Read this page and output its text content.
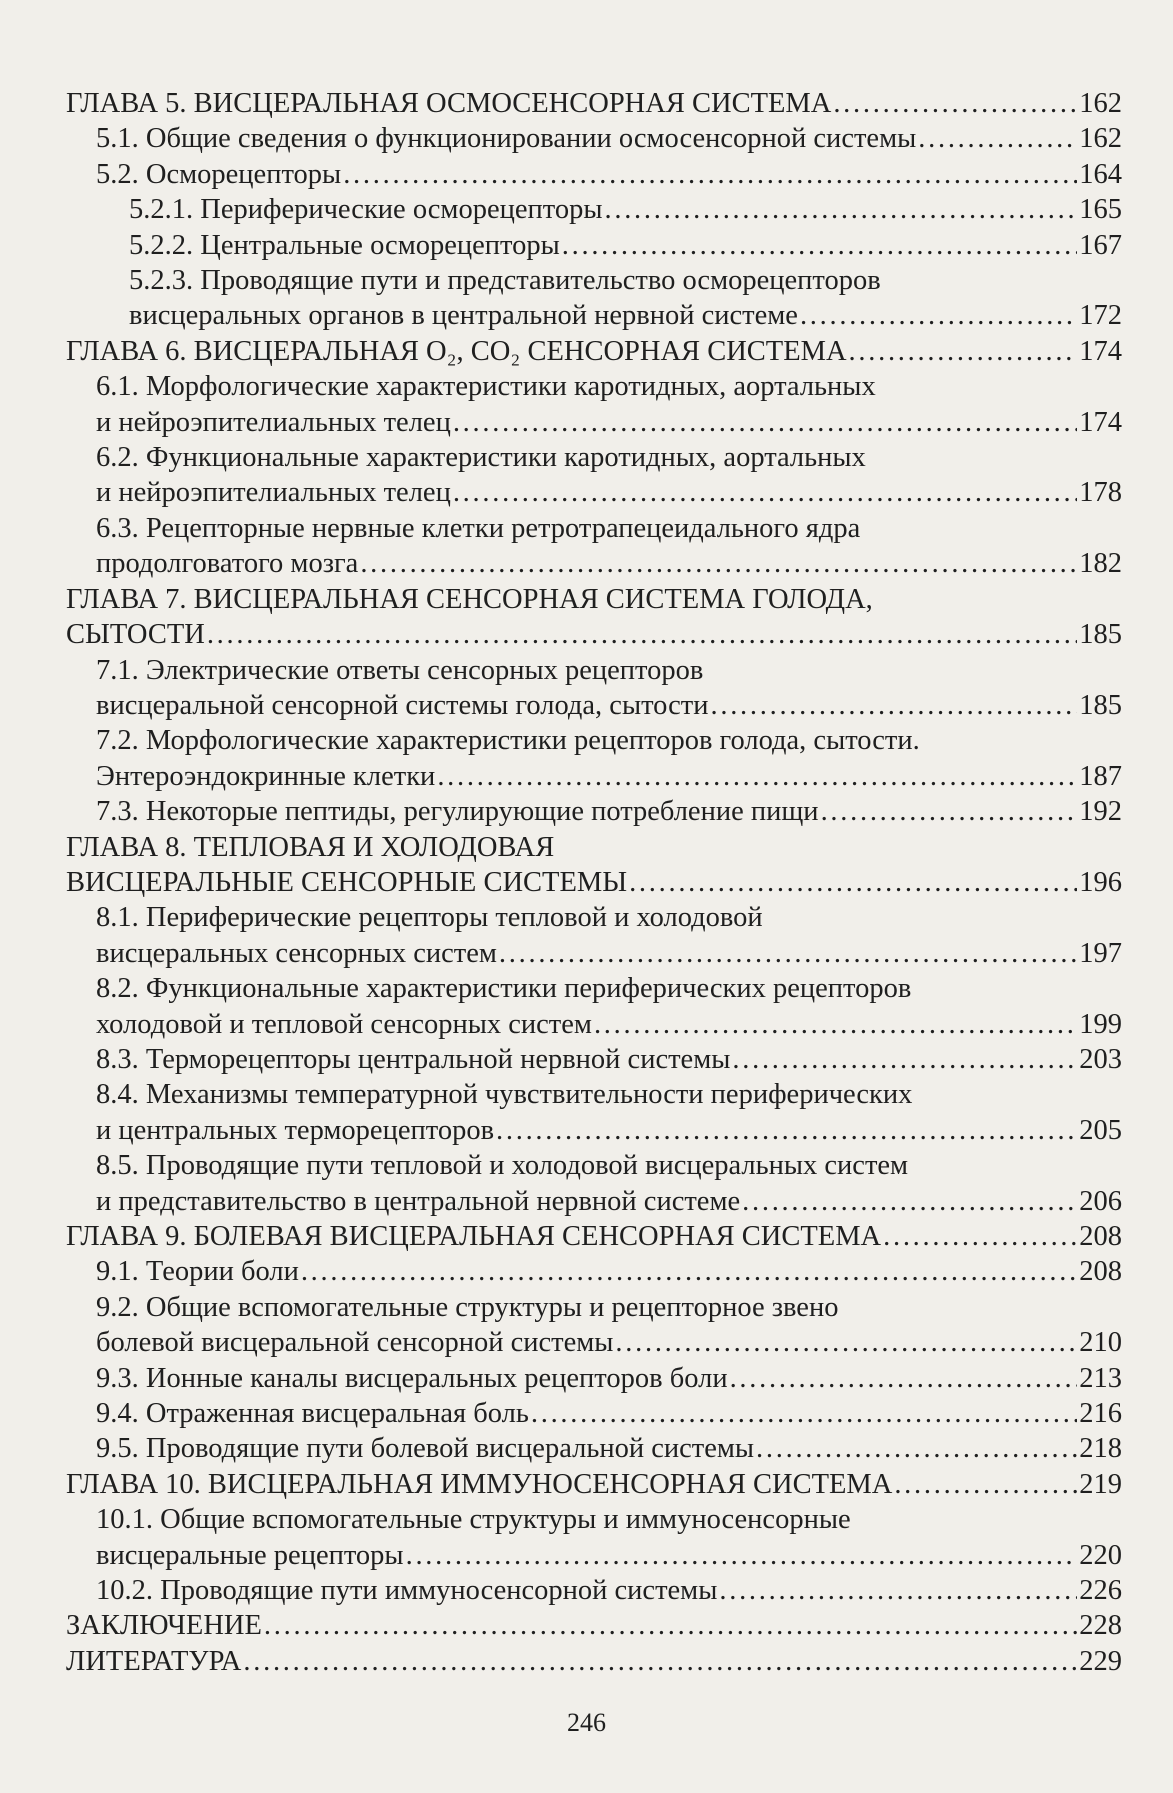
ГЛАВА 5. ВИСЦЕРАЛЬНАЯ ОСМОСЕНСОРНАЯ СИСТЕМА . . .	162
5.1. Общие сведения о функционировании осмосенсорной системы . . .	162
5.2. Осморецепторы . . .	164
5.2.1. Периферические осморецепторы . . .	165
5.2.2. Центральные осморецепторы . . .	167
5.2.3. Проводящие пути и представительство осморецепторов
висцеральных органов в центральной нервной системе . . .	172
ГЛАВА 6. ВИСЦЕРАЛЬНАЯ O₂, CO₂ СЕНСОРНАЯ СИСТЕМА . . .	174
6.1. Морфологические характеристики каротидных, аортальных
и нейроэпителиальных телец . . .	174
6.2. Функциональные характеристики каротидных, аортальных
и нейроэпителиальных телец . . .	178
6.3. Рецепторные нервные клетки ретротрапецеидального ядра
продолговатого мозга . . .	182
ГЛАВА 7. ВИСЦЕРАЛЬНАЯ СЕНСОРНАЯ СИСТЕМА ГОЛОДА,
СЫТОСТИ . . .	185
7.1. Электрические ответы сенсорных рецепторов
висцеральной сенсорной системы голода, сытости . . .	185
7.2. Морфологические характеристики рецепторов голода, сытости.
Энтероэндокринные клетки . . .	187
7.3. Некоторые пептиды, регулирующие потребление пищи . . .	192
ГЛАВА 8. ТЕПЛОВАЯ И ХОЛОДОВАЯ
ВИСЦЕРАЛЬНЫЕ СЕНСОРНЫЕ СИСТЕМЫ . . .	196
8.1. Периферические рецепторы тепловой и холодовой
висцеральных сенсорных систем . . .	197
8.2. Функциональные характеристики периферических рецепторов
холодовой и тепловой сенсорных систем . . .	199
8.3. Терморецепторы центральной нервной системы . . .	203
8.4. Механизмы температурной чувствительности периферических
и центральных терморецепторов . . .	205
8.5. Проводящие пути тепловой и холодовой висцеральных систем
и представительство в центральной нервной системе . . .	206
ГЛАВА 9. БОЛЕВАЯ ВИСЦЕРАЛЬНАЯ СЕНСОРНАЯ СИСТЕМА . . .	208
9.1. Теории боли . . .	208
9.2. Общие вспомогательные структуры и рецепторное звено
болевой висцеральной сенсорной системы . . .	210
9.3. Ионные каналы висцеральных рецепторов боли . . .	213
9.4. Отраженная висцеральная боль . . .	216
9.5. Проводящие пути болевой висцеральной системы . . .	218
ГЛАВА 10. ВИСЦЕРАЛЬНАЯ ИММУНОСЕНСОРНАЯ СИСТЕМА . . .	219
10.1. Общие вспомогательные структуры и иммуносенсорные
висцеральные рецепторы . . .	220
10.2. Проводящие пути иммуносенсорной системы . . .	226
ЗАКЛЮЧЕНИЕ . . .	228
ЛИТЕРАТУРА . . .	229
246
